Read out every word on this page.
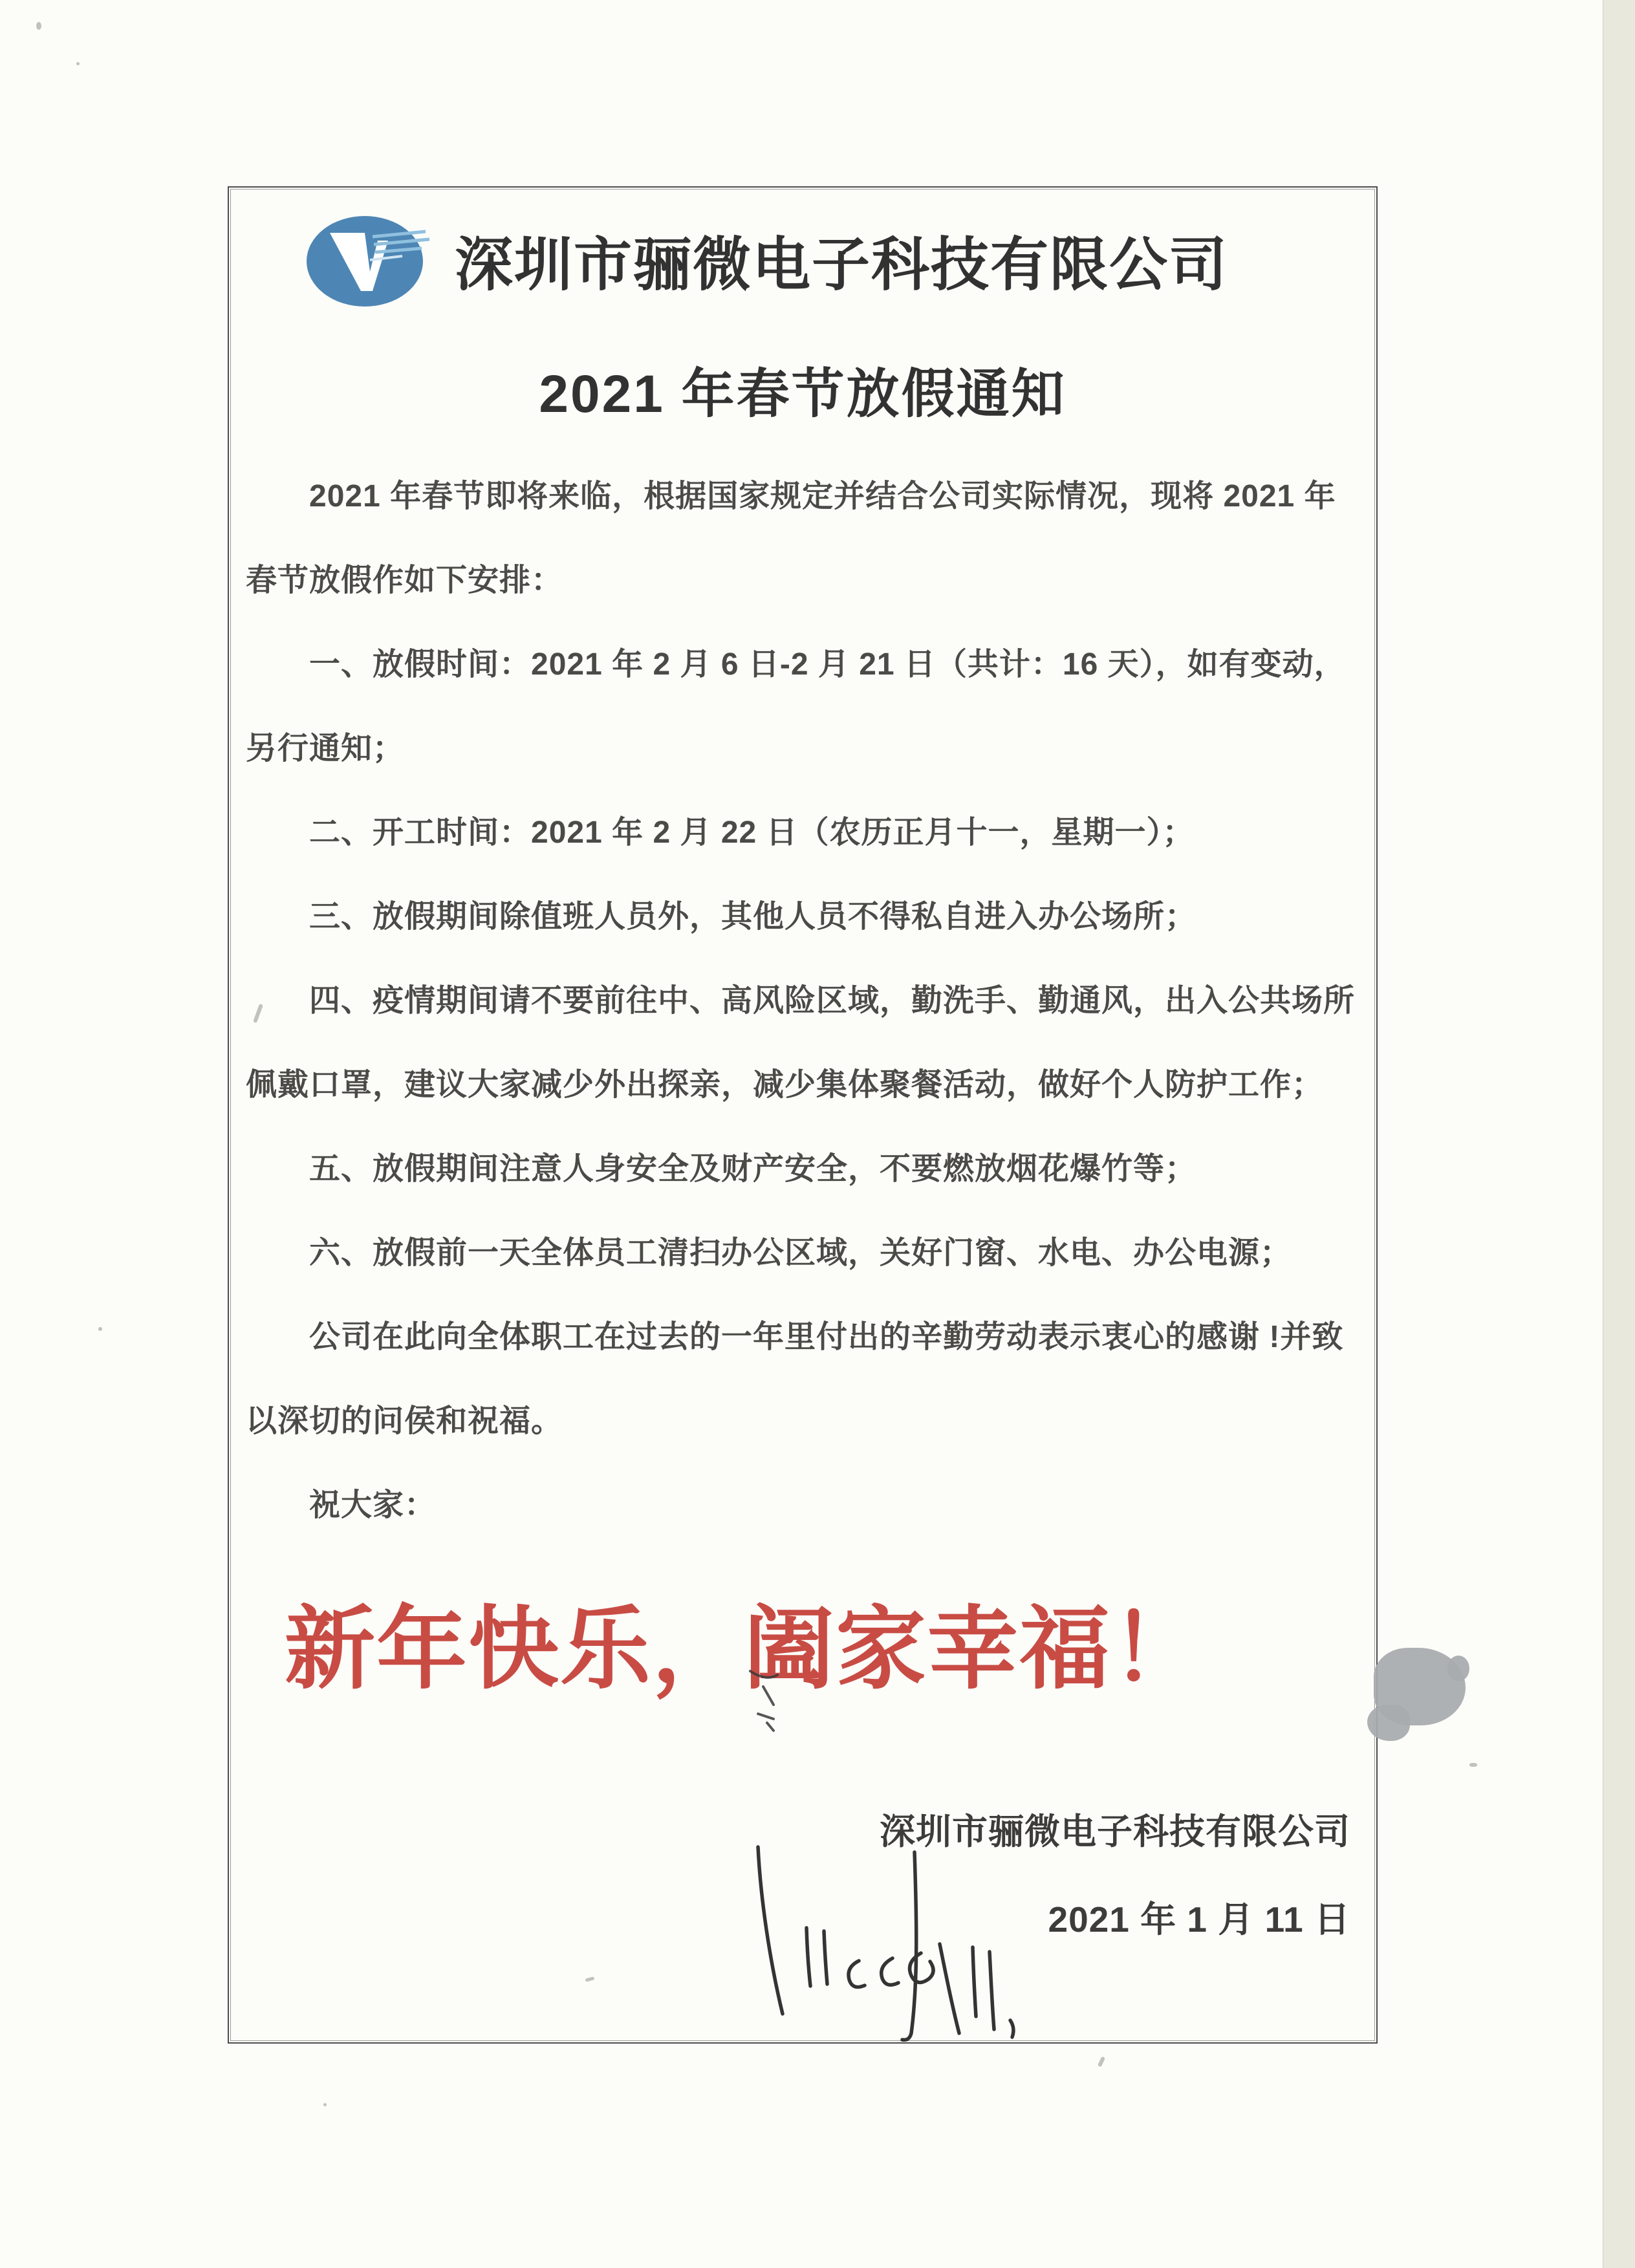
深圳市骊微电子科技有限公司
2021 年春节放假通知
2021 年春节即将来临，根据国家规定并结合公司实际情况，现将 2021 年
春节放假作如下安排：
一、放假时间：2021 年 2 月 6 日-2 月 21 日（共计：16 天），如有变动，
另行通知；
二、开工时间：2021 年 2 月 22 日（农历正月十一，星期一）；
三、放假期间除值班人员外，其他人员不得私自进入办公场所；
四、疫情期间请不要前往中、高风险区域，勤洗手、勤通风，出入公共场所
佩戴口罩，建议大家减少外出探亲，减少集体聚餐活动，做好个人防护工作；
五、放假期间注意人身安全及财产安全，不要燃放烟花爆竹等；
六、放假前一天全体员工清扫办公区域，关好门窗、水电、办公电源；
公司在此向全体职工在过去的一年里付出的辛勤劳动表示衷心的感谢 !并致
以深切的问侯和祝福。
祝大家：
新年快乐，阖家幸福！
深圳市骊微电子科技有限公司
2021 年 1 月 11 日
